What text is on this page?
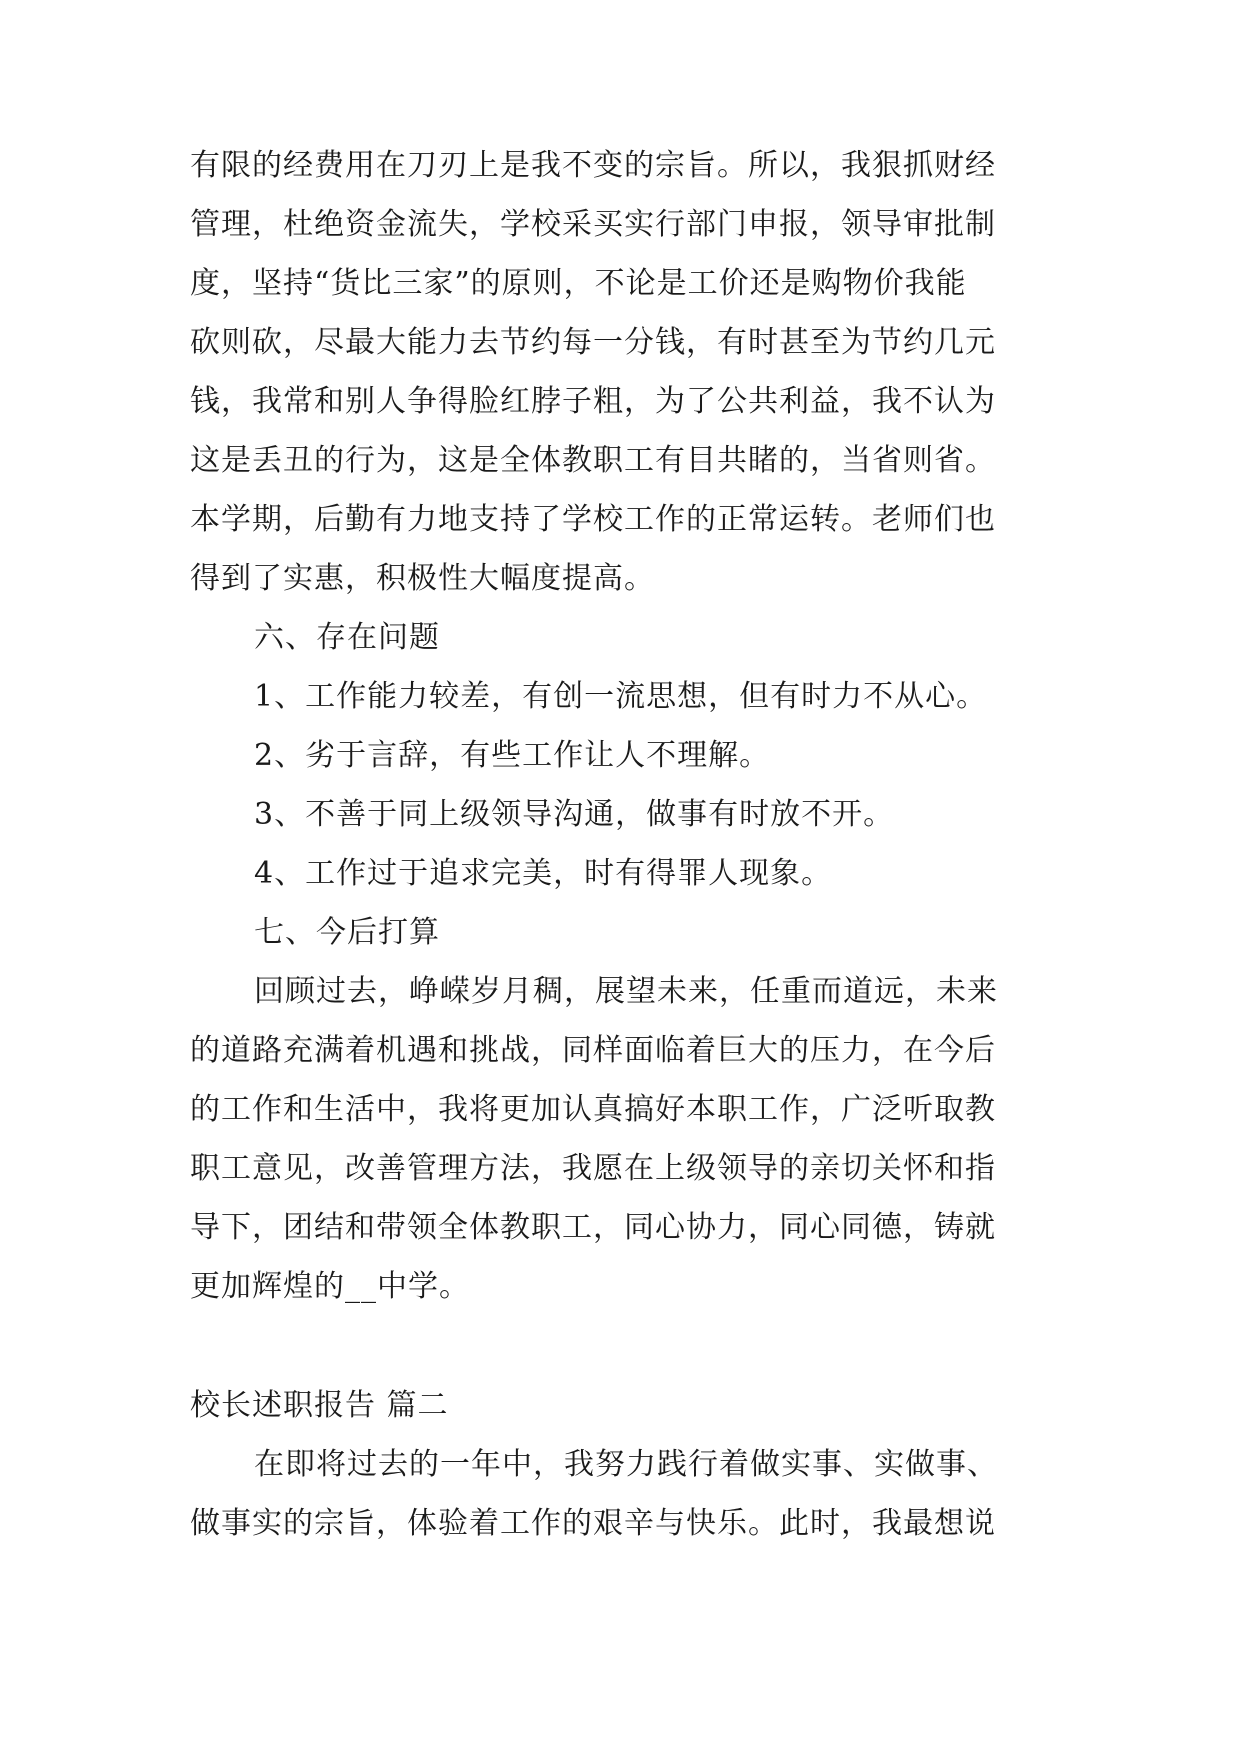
有限的经费用在刀刃上是我不变的宗旨。所以，我狠抓财经
管理，杜绝资金流失，学校采买实行部门申报，领导审批制
度，坚持“货比三家”的原则，不论是工价还是购物价我能
砍则砍，尽最大能力去节约每一分钱，有时甚至为节约几元
钱，我常和别人争得脸红脖子粗，为了公共利益，我不认为
这是丢丑的行为，这是全体教职工有目共睹的，当省则省。
本学期，后勤有力地支持了学校工作的正常运转。老师们也
得到了实惠，积极性大幅度提高。
六、存在问题
1、工作能力较差，有创一流思想，但有时力不从心。
2、劣于言辞，有些工作让人不理解。
3、不善于同上级领导沟通，做事有时放不开。
4、工作过于追求完美，时有得罪人现象。
七、今后打算
回顾过去，峥嵘岁月稠，展望未来，任重而道远，未来
的道路充满着机遇和挑战，同样面临着巨大的压力，在今后
的工作和生活中，我将更加认真搞好本职工作，广泛听取教
职工意见，改善管理方法，我愿在上级领导的亲切关怀和指
导下，团结和带领全体教职工，同心协力，同心同德，铸就
更加辉煌的__中学。
校长述职报告 篇二
在即将过去的一年中，我努力践行着做实事、实做事、
做事实的宗旨，体验着工作的艰辛与快乐。此时，我最想说
